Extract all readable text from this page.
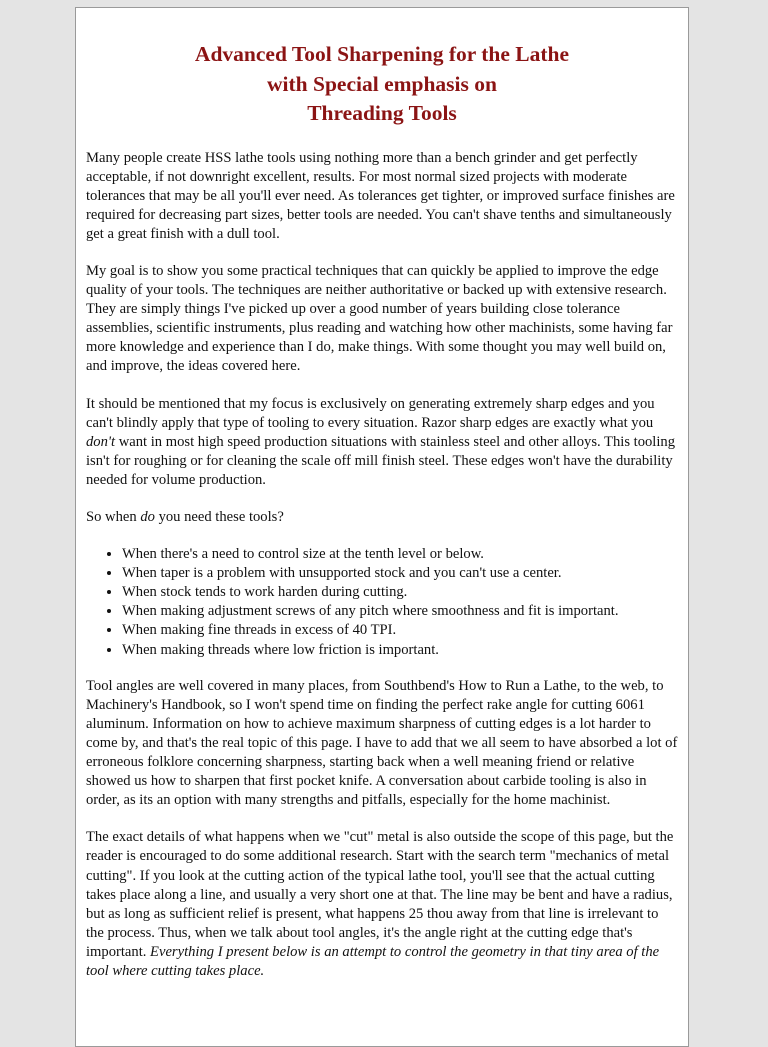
Advanced Tool Sharpening for the Lathe
with Special emphasis on
Threading Tools

Many people create HSS lathe tools using nothing more than a bench grinder and get perfectly acceptable, if not downright excellent, results. For most normal sized projects with moderate tolerances that may be all you'll ever need. As tolerances get tighter, or improved surface finishes are required for decreasing part sizes, better tools are needed. You can't shave tenths and simultaneously get a great finish with a dull tool.

My goal is to show you some practical techniques that can quickly be applied to improve the edge quality of your tools. The techniques are neither authoritative or backed up with extensive research. They are simply things I've picked up over a good number of years building close tolerance assemblies, scientific instruments, plus reading and watching how other machinists, some having far more knowledge and experience than I do, make things. With some thought you may well build on, and improve, the ideas covered here.

It should be mentioned that my focus is exclusively on generating extremely sharp edges and you can't blindly apply that type of tooling to every situation. Razor sharp edges are exactly what you don't want in most high speed production situations with stainless steel and other alloys. This tooling isn't for roughing or for cleaning the scale off mill finish steel. These edges won't have the durability needed for volume production.

So when do you need these tools?

• When there's a need to control size at the tenth level or below.
• When taper is a problem with unsupported stock and you can't use a center.
• When stock tends to work harden during cutting.
• When making adjustment screws of any pitch where smoothness and fit is important.
• When making fine threads in excess of 40 TPI.
• When making threads where low friction is important.

Tool angles are well covered in many places, from Southbend's How to Run a Lathe, to the web, to Machinery's Handbook, so I won't spend time on finding the perfect rake angle for cutting 6061 aluminum. Information on how to achieve maximum sharpness of cutting edges is a lot harder to come by, and that's the real topic of this page. I have to add that we all seem to have absorbed a lot of erroneous folklore concerning sharpness, starting back when a well meaning friend or relative showed us how to sharpen that first pocket knife. A conversation about carbide tooling is also in order, as its an option with many strengths and pitfalls, especially for the home machinist.

The exact details of what happens when we "cut" metal is also outside the scope of this page, but the reader is encouraged to do some additional research. Start with the search term "mechanics of metal cutting". If you look at the cutting action of the typical lathe tool, you'll see that the actual cutting takes place along a line, and usually a very short one at that. The line may be bent and have a radius, but as long as sufficient relief is present, what happens 25 thou away from that line is irrelevant to the process. Thus, when we talk about tool angles, it's the angle right at the cutting edge that's important. Everything I present below is an attempt to control the geometry in that tiny area of the tool where cutting takes place.
